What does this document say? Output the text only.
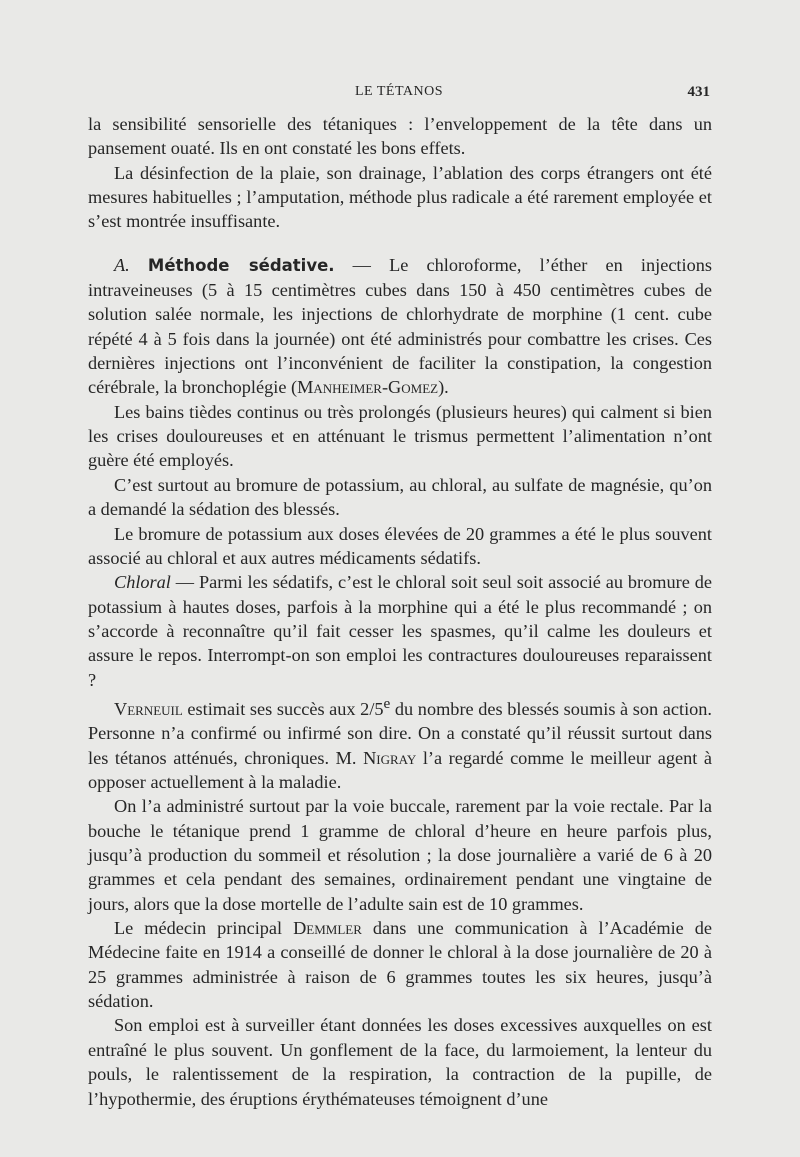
LE TÉTANOS	431

la sensibilité sensorielle des tétaniques : l’enveloppement de la tête dans un pansement ouaté. Ils en ont constaté les bons effets.

La désinfection de la plaie, son drainage, l’ablation des corps étrangers ont été mesures habituelles ; l’amputation, méthode plus radicale a été rarement employée et s’est montrée insuffisante.

A. Méthode sédative. — Le chloroforme, l’éther en injections intraveineuses (5 à 15 centimètres cubes dans 150 à 450 centimètres cubes de solution salée normale, les injections de chlorhydrate de morphine (1 cent. cube répété 4 à 5 fois dans la journée) ont été administrés pour combattre les crises. Ces dernières injections ont l’inconvénient de faciliter la constipation, la congestion cérébrale, la bronchoplégie (Manheimer-Gomez).

Les bains tièdes continus ou très prolongés (plusieurs heures) qui calment si bien les crises douloureuses et en atténuant le trismus permettent l’alimentation n’ont guère été employés.

C’est surtout au bromure de potassium, au chloral, au sulfate de magnésie, qu’on a demandé la sédation des blessés.

Le bromure de potassium aux doses élevées de 20 grammes a été le plus souvent associé au chloral et aux autres médicaments sédatifs.

Chloral — Parmi les sédatifs, c’est le chloral soit seul soit associé au bromure de potassium à hautes doses, parfois à la morphine qui a été le plus recommandé ; on s’accorde à reconnaître qu’il fait cesser les spasmes, qu’il calme les douleurs et assure le repos. Interrompt-on son emploi les contractures douloureuses reparaissent ?

Verneuil estimait ses succès aux 2/5e du nombre des blessés soumis à son action. Personne n’a confirmé ou infirmé son dire. On a constaté qu’il réussit surtout dans les tétanos atténués, chroniques. M. Nigray l’a regardé comme le meilleur agent à opposer actuellement à la maladie.

On l’a administré surtout par la voie buccale, rarement par la voie rectale. Par la bouche le tétanique prend 1 gramme de chloral d’heure en heure parfois plus, jusqu’à production du sommeil et résolution ; la dose journalière a varié de 6 à 20 grammes et cela pendant des semaines, ordinairement pendant une vingtaine de jours, alors que la dose mortelle de l’adulte sain est de 10 grammes.

Le médecin principal Demmler dans une communication à l’Académie de Médecine faite en 1914 a conseillé de donner le chloral à la dose journalière de 20 à 25 grammes administrée à raison de 6 grammes toutes les six heures, jusqu’à sédation.

Son emploi est à surveiller étant données les doses excessives auxquelles on est entraîné le plus souvent. Un gonflement de la face, du larmoiement, la lenteur du pouls, le ralentissement de la respiration, la contraction de la pupille, de l’hypothermie, des éruptions érythémateuses témoignent d’une
